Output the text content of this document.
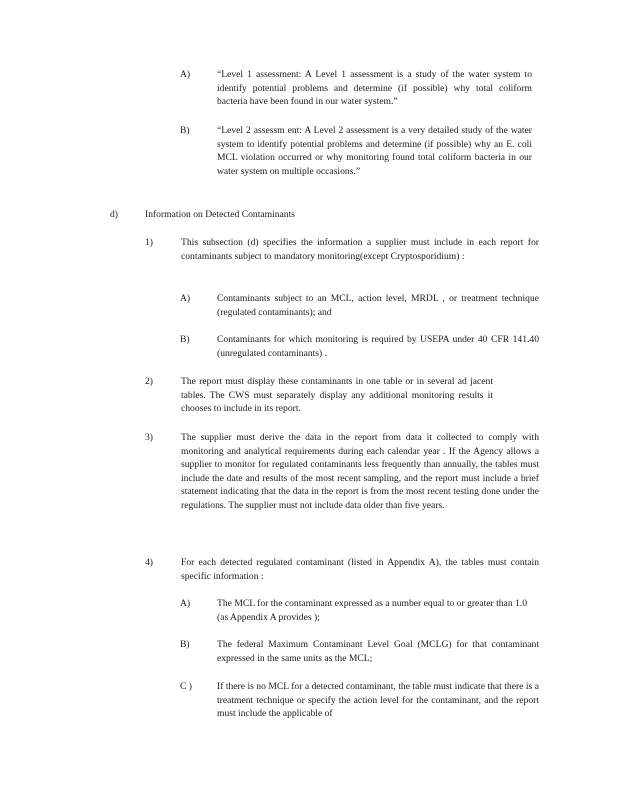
A)	“Level 1 assessment: A Level 1 assessment is a study of the water system to identify potential problems and determine (if possible) why total coliform bacteria have been found in our water system.”
B)	“Level 2 assessm ent: A Level 2 assessment is a very detailed study of the water system to identify potential problems and determine (if possible) why an E. coli MCL violation occurred or why monitoring found total coliform bacteria in our water system on multiple occasions.”
d)	Information on Detected Contaminants
1)	This subsection (d) specifies the information a supplier must include in each report for contaminants subject to mandatory monitoring(except Cryptosporidium) :
A)	Contaminants subject to an MCL, action level, MRDL , or treatment technique (regulated contaminants); and
B)	Contaminants for which monitoring is required by USEPA under 40 CFR 141.40 (unregulated contaminants) .
2)	The report must display these contaminants in one table or in several ad jacent tables. The CWS must separately display any additional monitoring results it chooses to include in its report.
3)	The supplier must derive the data in the report from data it collected to comply with monitoring and analytical requirements during each calendar year . If the Agency allows a supplier to monitor for regulated contaminants less frequently than annually, the tables must include the date and results of the most recent sampling, and the report must include a brief statement indicating that the data in the report is from the most recent testing done under the regulations. The supplier must not include data older than five years.
4)	For each detected regulated contaminant (listed in Appendix A), the tables must contain specific information :
A)	The MCL for the contaminant expressed as a number equal to or greater than 1.0 (as Appendix A provides );
B)	The federal Maximum Contaminant Level Goal (MCLG) for that contaminant expressed in the same units as the MCL;
C )	If there is no MCL for a detected contaminant, the table must indicate that there is a treatment technique or specify the action level for the contaminant, and the report must include the applicable of
